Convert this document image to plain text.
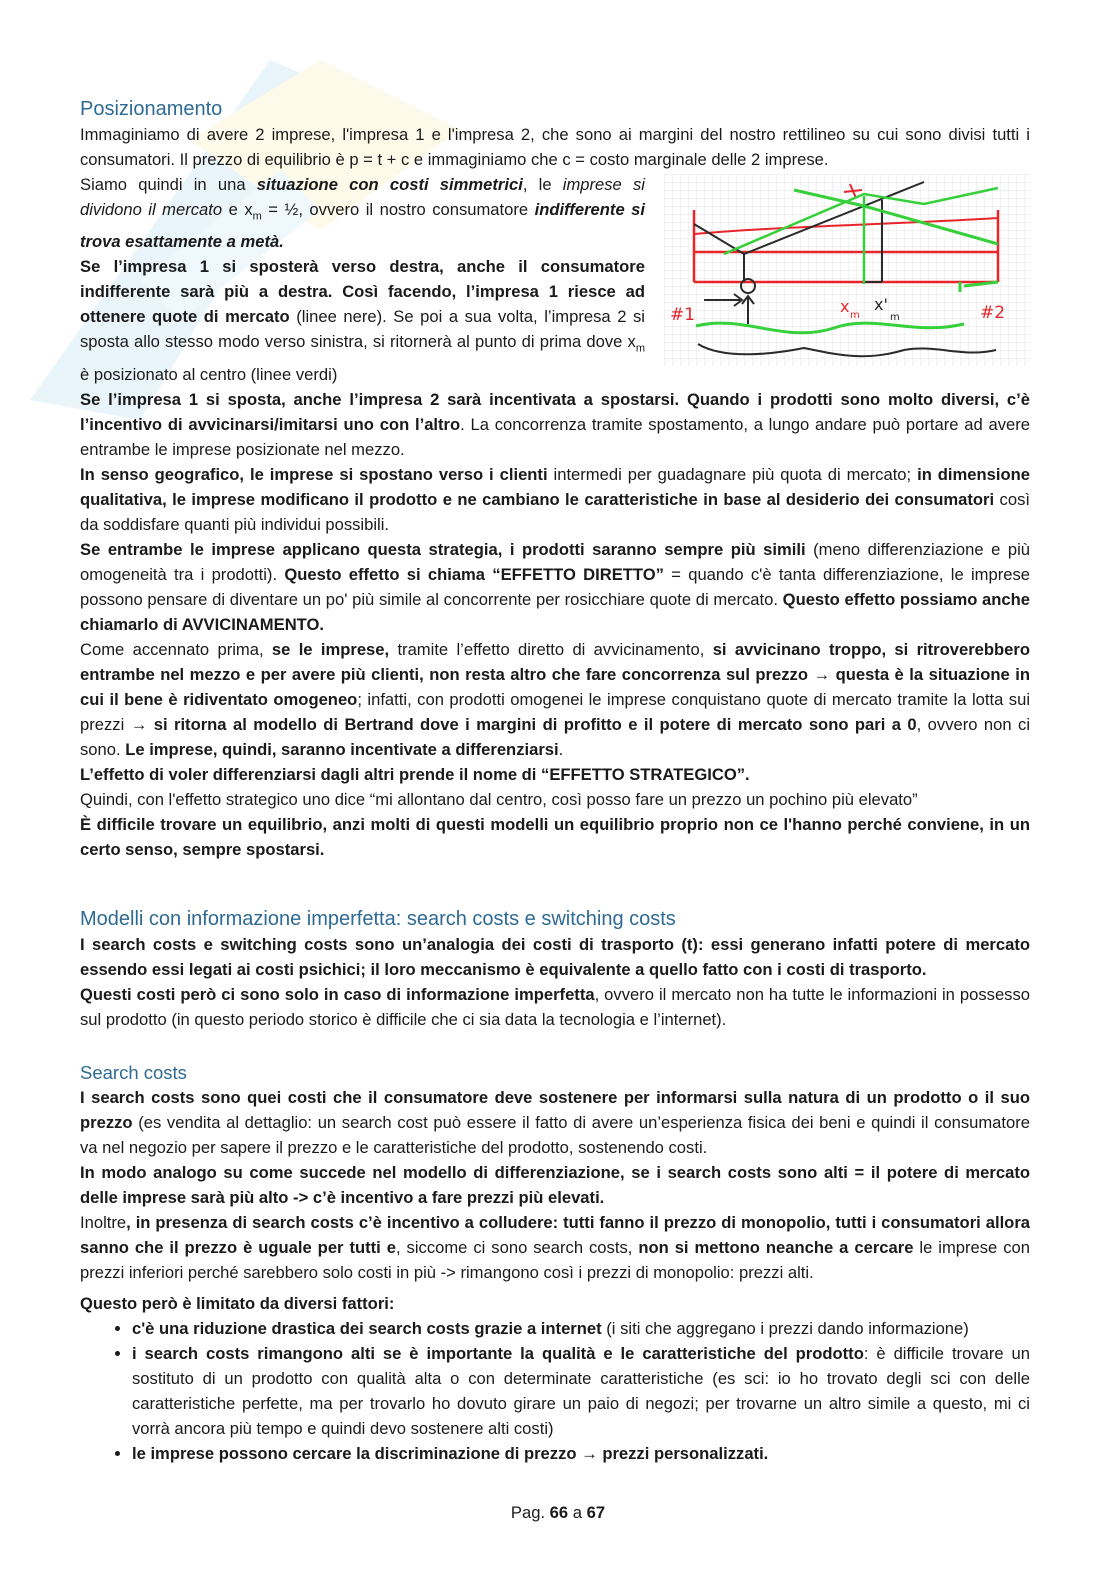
Posizionamento

Immaginiamo di avere 2 imprese, l'impresa 1 e l'impresa 2, che sono ai margini del nostro rettilineo su cui sono divisi tutti i consumatori. Il prezzo di equilibrio è p = t + c e immaginiamo che c = costo marginale delle 2 imprese.

Siamo quindi in una situazione con costi simmetrici, le imprese si dividono il mercato e $x_m$ = ½, ovvero il nostro consumatore indifferente si trova esattamente a metà.

Se l’impresa 1 si sposterà verso destra, anche il consumatore indifferente sarà più a destra. Così facendo, l’impresa 1 riesce ad ottenere quote di mercato (linee nere). Se poi a sua volta, l’impresa 2 si sposta allo stesso modo verso sinistra, si ritornerà al punto di prima dove $x_m$ è posizionato al centro (linee verdi)

#1	#2
x m
x'
m

Se l’impresa 1 si sposta, anche l’impresa 2 sarà incentivata a spostarsi. Quando i prodotti sono molto diversi, c’è l’incentivo di avvicinarsi/imitarsi uno con l’altro. La concorrenza tramite spostamento, a lungo andare può portare ad avere entrambe le imprese posizionate nel mezzo.

In senso geografico, le imprese si spostano verso i clienti intermedi per guadagnare più quota di mercato; in dimensione qualitativa, le imprese modificano il prodotto e ne cambiano le caratteristiche in base al desiderio dei consumatori così da soddisfare quanti più individui possibili.

Se entrambe le imprese applicano questa strategia, i prodotti saranno sempre più simili (meno differenziazione e più omogeneità tra i prodotti). Questo effetto si chiama “EFFETTO DIRETTO” = quando c'è tanta differenziazione, le imprese possono pensare di diventare un po' più simile al concorrente per rosicchiare quote di mercato. Questo effetto possiamo anche chiamarlo di AVVICINAMENTO.

Come accennato prima, se le imprese, tramite l’effetto diretto di avvicinamento, si avvicinano troppo, si ritroverebbero entrambe nel mezzo e per avere più clienti, non resta altro che fare concorrenza sul prezzo → questa è la situazione in cui il bene è ridiventato omogeneo; infatti, con prodotti omogenei le imprese conquistano quote di mercato tramite la lotta sui prezzi → si ritorna al modello di Bertrand dove i margini di profitto e il potere di mercato sono pari a 0, ovvero non ci sono. Le imprese, quindi, saranno incentivate a differenziarsi.

L’effetto di voler differenziarsi dagli altri prende il nome di “EFFETTO STRATEGICO”.

Quindi, con l'effetto strategico uno dice “mi allontano dal centro, così posso fare un prezzo un pochino più elevato”

È difficile trovare un equilibrio, anzi molti di questi modelli un equilibrio proprio non ce l'hanno perché conviene, in un certo senso, sempre spostarsi.

Modelli con informazione imperfetta: search costs e switching costs

I search costs e switching costs sono un’analogia dei costi di trasporto (t): essi generano infatti potere di mercato essendo essi legati ai costi psichici; il loro meccanismo è equivalente a quello fatto con i costi di trasporto.

Questi costi però ci sono solo in caso di informazione imperfetta, ovvero il mercato non ha tutte le informazioni in possesso sul prodotto (in questo periodo storico è difficile che ci sia data la tecnologia e l’internet).

Search costs

I search costs sono quei costi che il consumatore deve sostenere per informarsi sulla natura di un prodotto o il suo prezzo (es vendita al dettaglio: un search cost può essere il fatto di avere un’esperienza fisica dei beni e quindi il consumatore va nel negozio per sapere il prezzo e le caratteristiche del prodotto, sostenendo costi.

In modo analogo su come succede nel modello di differenziazione, se i search costs sono alti = il potere di mercato delle imprese sarà più alto -> c’è incentivo a fare prezzi più elevati.

Inoltre, in presenza di search costs c’è incentivo a colludere: tutti fanno il prezzo di monopolio, tutti i consumatori allora sanno che il prezzo è uguale per tutti e, siccome ci sono search costs, non si mettono neanche a cercare le imprese con prezzi inferiori perché sarebbero solo costi in più -> rimangono così i prezzi di monopolio: prezzi alti.

Questo però è limitato da diversi fattori:

• c'è una riduzione drastica dei search costs grazie a internet (i siti che aggregano i prezzi dando informazione)
• i search costs rimangono alti se è importante la qualità e le caratteristiche del prodotto: è difficile trovare un sostituto di un prodotto con qualità alta o con determinate caratteristiche (es sci: io ho trovato degli sci con delle caratteristiche perfette, ma per trovarlo ho dovuto girare un paio di negozi; per trovarne un altro simile a questo, mi ci vorrà ancora più tempo e quindi devo sostenere alti costi)
• le imprese possono cercare la discriminazione di prezzo → prezzi personalizzati.
Pag. 66 a 67
